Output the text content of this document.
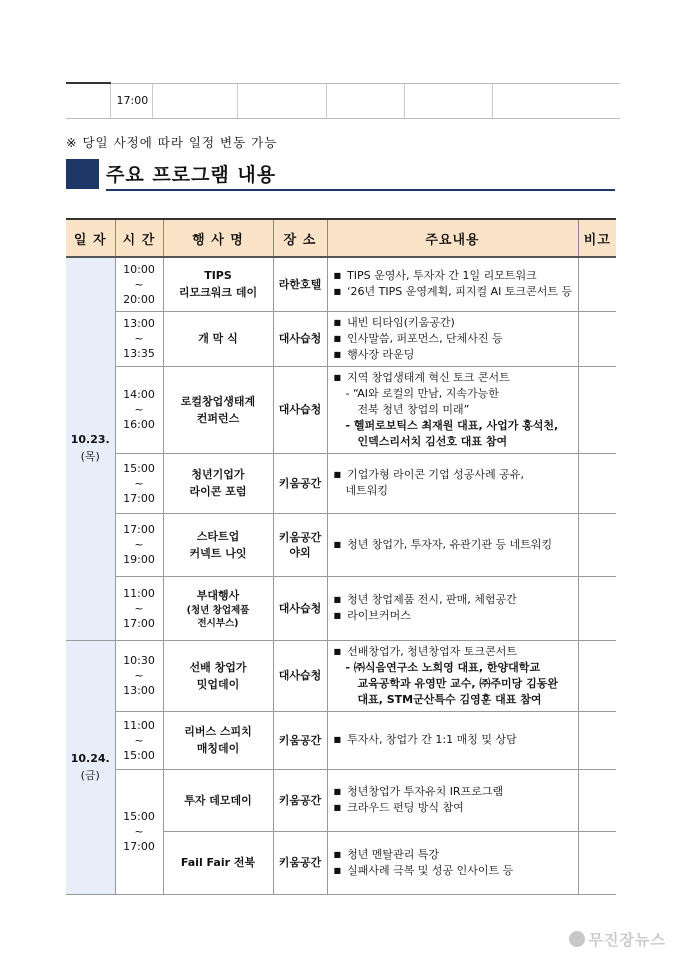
	17:00					
※ 당일 사정에 따라 일정 변동 가능
주요 프로그램 내용
일 자	시 간	행 사 명	장 소	주요내용	비고
10.23.
(목)	10:00
~
20:00	TIPS
리모크워크 데이	라한호텔	■ TIPS 운영사, 투자자 간 1일 리모트워크
■ ‘26년 TIPS 운영계획, 피지컬 AI 토크콘서트 등

	13:00
~
13:35	개 막 식	대사습청	■ 내빈 티타임(키움공간)
■ 인사말씀, 퍼포먼스, 단체사진 등
■ 행사장 라운딩

	14:00
~
16:00	로컬창업생태계
컨퍼런스	대사습청	■ 지역 창업생태계 혁신 토크 콘서트
- “AI와 로컬의 만남, 지속가능한
전북 청년 창업의 미래”
- 헬퍼로보틱스 최재원 대표, 사업가 홍석천,
인덱스리서치 김선호 대표 참여

	15:00
~
17:00	청년기업가
라이콘 포럼	키움공간	■ 기업가형 라이콘 기업 성공사례 공유,
네트워킹

	17:00
~
19:00	스타트업
커넥트 나잇	키움공간
야외	■ 청년 창업가, 투자자, 유관기관 등 네트워킹

	11:00
~
17:00	부대행사
(청년 창업제품
전시부스)	대사습청	■ 청년 창업제품 전시, 판매, 체험공간
■ 라이브커머스

10.24.
(금)	10:30
~
13:00	선배 창업가
밋업데이	대사습청	■ 선배창업가, 청년창업자 토크콘서트
- ㈜식음연구소 노희영 대표, 한양대학교
교육공학과 유영만 교수, ㈜주미당 김동완
대표, STM군산특수 김영훈 대표 참여

	11:00
~
15:00	리버스 스피치
매칭데이	키움공간	■ 투자사, 창업가 간 1:1 매칭 및 상담

	15:00
~
17:00	투자 데모데이	키움공간	■ 청년창업가 투자유치 IR프로그램
■ 크라우드 펀딩 방식 참여

		Fail Fair 전북	키움공간	■ 청년 멘탈관리 특강
■ 실패사례 극복 및 성공 인사이트 등

무진장뉴스
